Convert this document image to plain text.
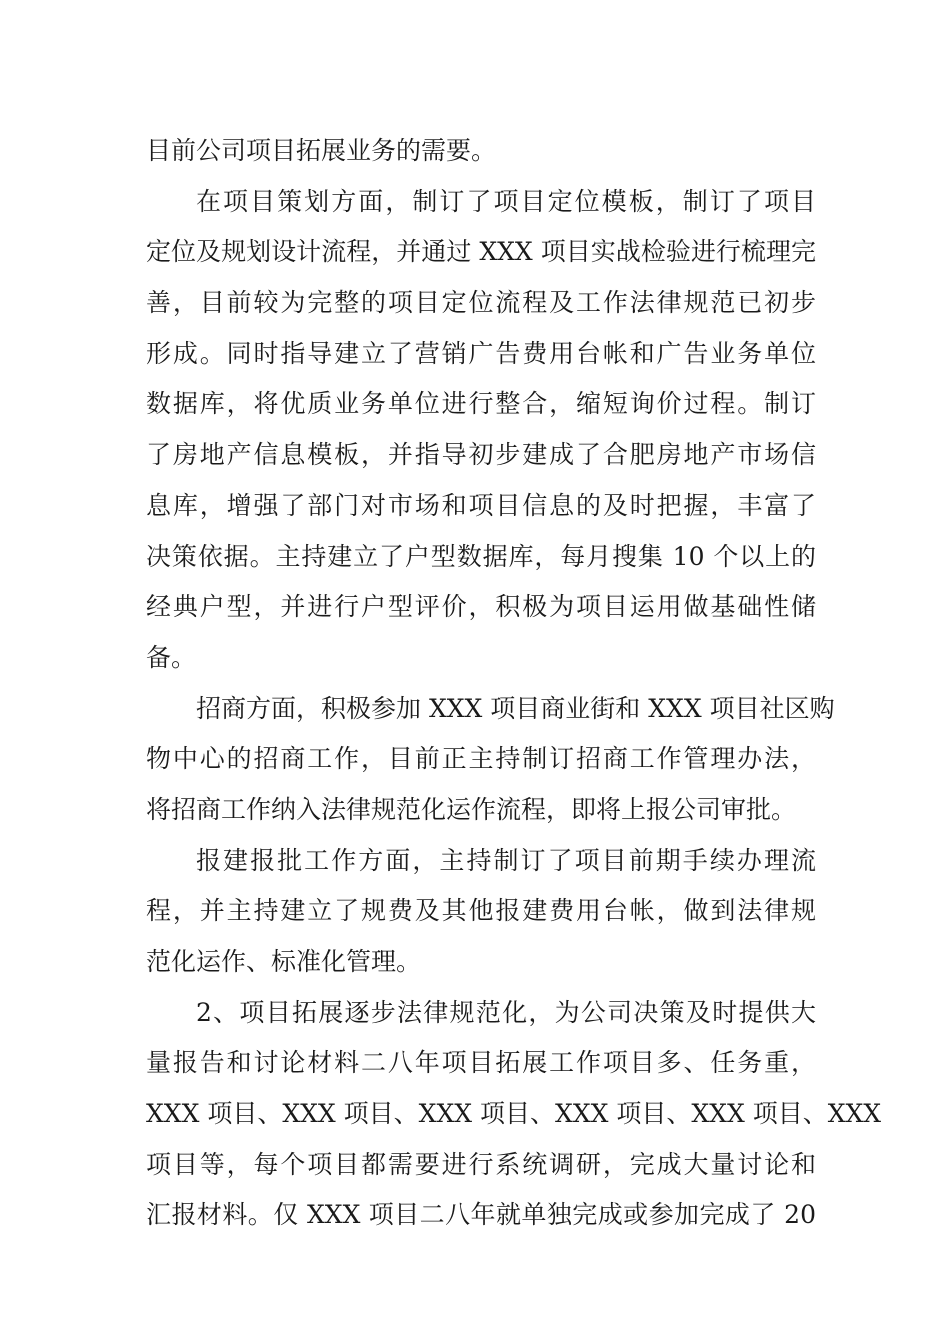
目前公司项目拓展业务的需要。
在项目策划方面，制订了项目定位模板，制订了项目
定位及规划设计流程，并通过 XXX 项目实战检验进行梳理完
善，目前较为完整的项目定位流程及工作法律规范已初步
形成。同时指导建立了营销广告费用台帐和广告业务单位
数据库，将优质业务单位进行整合，缩短询价过程。制订
了房地产信息模板，并指导初步建成了合肥房地产市场信
息库，增强了部门对市场和项目信息的及时把握，丰富了
决策依据。主持建立了户型数据库，每月搜集 10 个以上的
经典户型，并进行户型评价，积极为项目运用做基础性储
备。
招商方面，积极参加 XXX 项目商业街和 XXX 项目社区购
物中心的招商工作，目前正主持制订招商工作管理办法，
将招商工作纳入法律规范化运作流程，即将上报公司审批。
报建报批工作方面，主持制订了项目前期手续办理流
程，并主持建立了规费及其他报建费用台帐，做到法律规
范化运作、标准化管理。
2、项目拓展逐步法律规范化，为公司决策及时提供大
量报告和讨论材料二八年项目拓展工作项目多、任务重，
XXX 项目、XXX 项目、XXX 项目、XXX 项目、XXX 项目、XXX
项目等，每个项目都需要进行系统调研，完成大量讨论和
汇报材料。仅 XXX 项目二八年就单独完成或参加完成了 20
